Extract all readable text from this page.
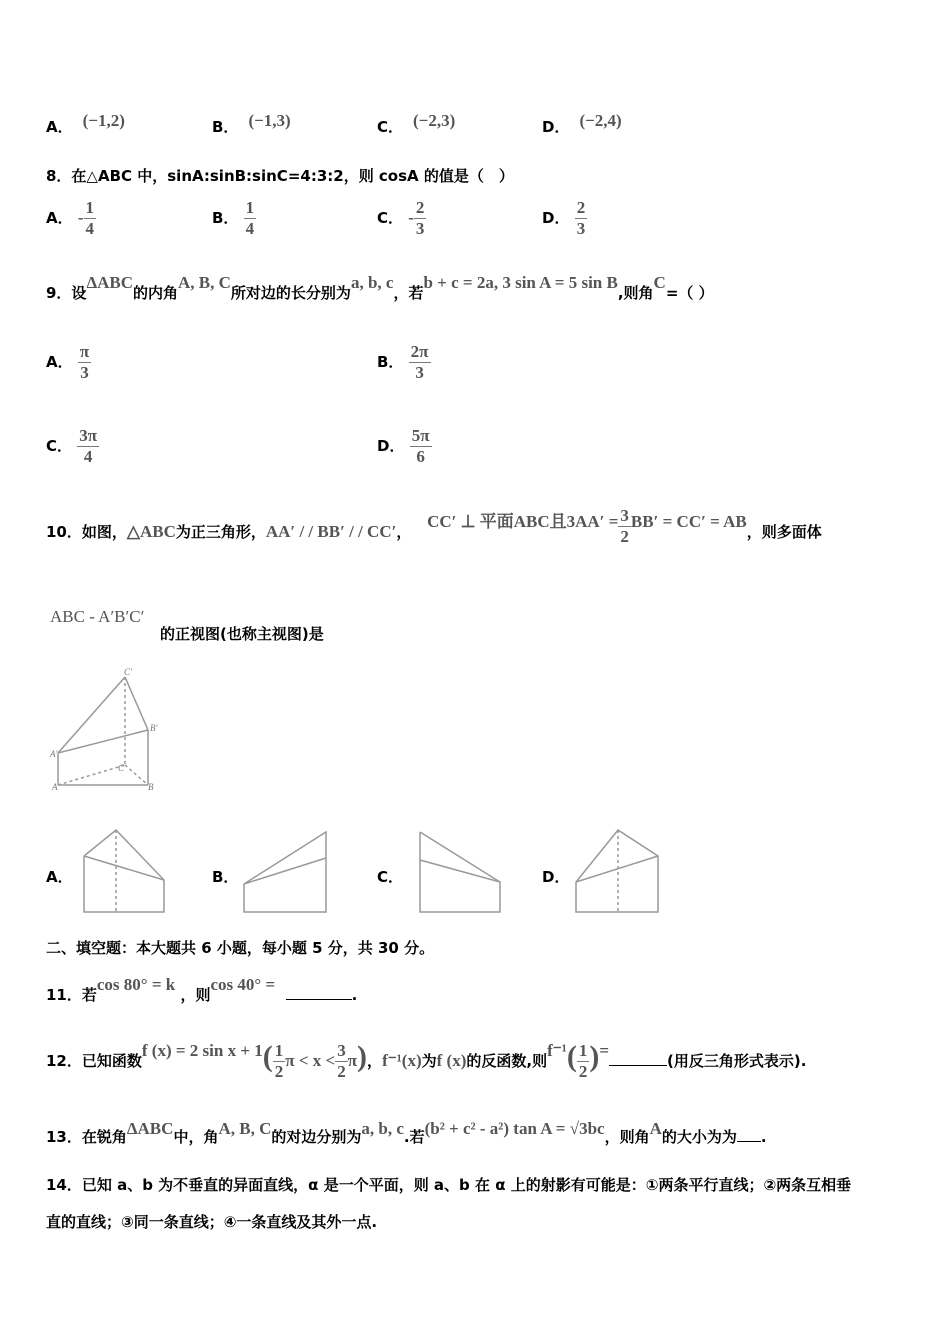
A． (−1,2)	B． (−1,3)	C． (−2,3)	D． (−2,4)
8．在△ABC 中，sinA:sinB:sinC=4:3:2，则 cosA 的值是（　）
A． - $\frac{1}{4}$	B． $\frac{1}{4}$	C． - $\frac{2}{3}$	D． $\frac{2}{3}$
9．设ΔABC的内角A, B, C所对边的长分别为a, b, c，若b + c = 2a, 3 sin A = 5 sin B,则角C=（ ）
A． $\frac{\pi}{3}$	B． $\frac{2\pi}{3}$
C． $\frac{3\pi}{4}$	D． $\frac{5\pi}{6}$
10．如图，△ABC为正三角形，AA′ / / BB′ / / CC′，   CC′ ⊥ 平面ABC且$3AA' = \frac{3}{2} BB' = CC'$ = AB，则多面体
ABC - A′B′C′
的正视图(也称主视图)是
C'
B'
A'
C
A	B
A．	B．	C．	D．
二、填空题：本大题共 6 小题，每小题 5 分，共 30 分。
11．若cos 80° = k ，则cos 40° =  .
12．已知函数f (x) = 2 $\sin x + 1( \frac{1}{2}$ $\pi < x < \frac{3}{2} \pi$)，f⁻¹(x)为f (x)的反函数,则$f^{-1}( \frac{1}{2}$ )=(用反三角形式表示).
13．在锐角ΔABC中，角A, B, C的对边分别为a, b, c.若(b² + c² - a²) tan A = √3bc，则角A的大小为为 .
14．已知 a、b 为不垂直的异面直线，α 是一个平面，则 a、b 在 α 上的射影有可能是：①两条平行直线；②两条互相垂
直的直线；③同一条直线；④一条直线及其外一点.
